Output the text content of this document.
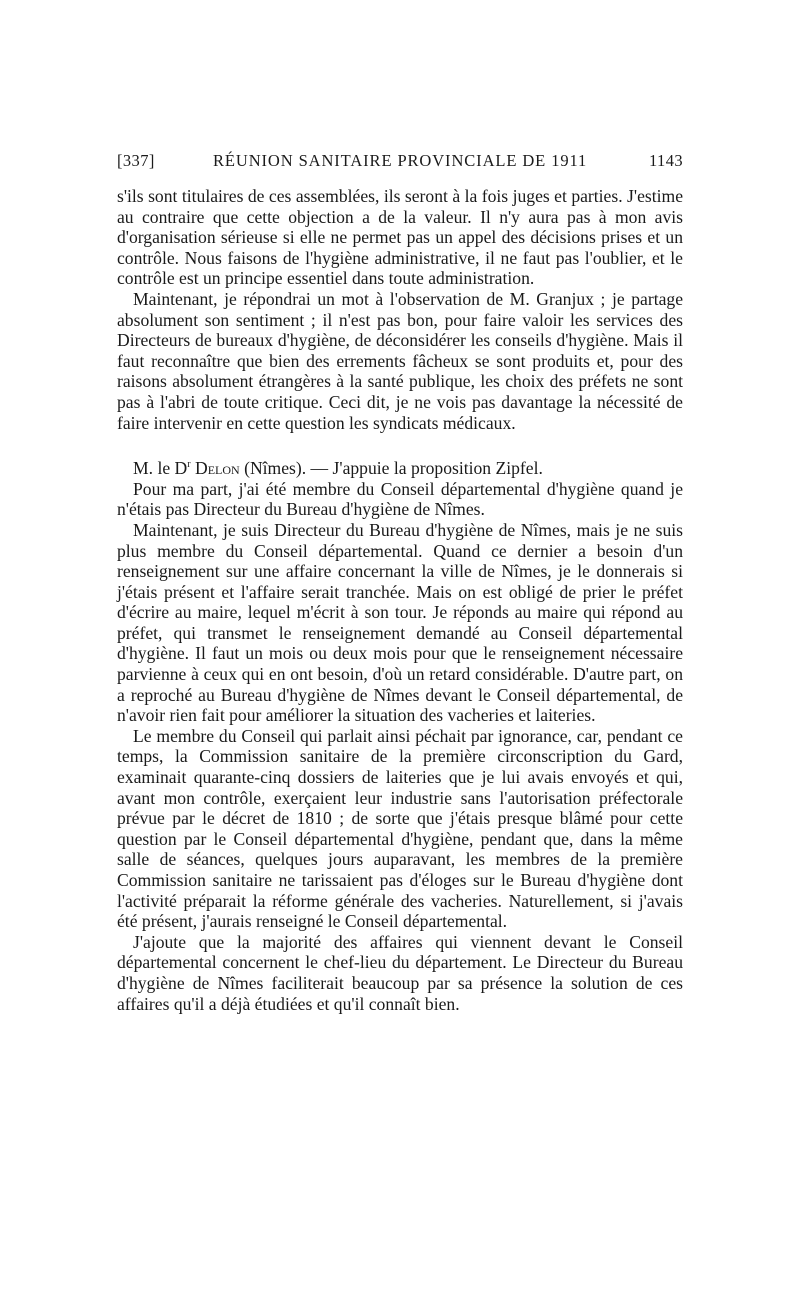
[337]	RÉUNION SANITAIRE PROVINCIALE DE 1911	1143

s'ils sont titulaires de ces assemblées, ils seront à la fois juges et parties. J'estime au contraire que cette objection a de la valeur. Il n'y aura pas à mon avis d'organisation sérieuse si elle ne permet pas un appel des décisions prises et un contrôle. Nous faisons de l'hygiène administrative, il ne faut pas l'oublier, et le contrôle est un principe essentiel dans toute administration.

Maintenant, je répondrai un mot à l'observation de M. Granjux ; je partage absolument son sentiment ; il n'est pas bon, pour faire valoir les services des Directeurs de bureaux d'hygiène, de déconsidérer les conseils d'hygiène. Mais il faut reconnaître que bien des errements fâcheux se sont produits et, pour des raisons absolument étrangères à la santé publique, les choix des préfets ne sont pas à l'abri de toute critique. Ceci dit, je ne vois pas davantage la nécessité de faire intervenir en cette question les syndicats médicaux.

M. le $D^r$ Delon (Nîmes). — J'appuie la proposition Zipfel.

Pour ma part, j'ai été membre du Conseil départemental d'hygiène quand je n'étais pas Directeur du Bureau d'hygiène de Nîmes.

Maintenant, je suis Directeur du Bureau d'hygiène de Nîmes, mais je ne suis plus membre du Conseil départemental. Quand ce dernier a besoin d'un renseignement sur une affaire concernant la ville de Nîmes, je le donnerais si j'étais présent et l'affaire serait tranchée. Mais on est obligé de prier le préfet d'écrire au maire, lequel m'écrit à son tour. Je réponds au maire qui répond au préfet, qui transmet le renseignement demandé au Conseil départemental d'hygiène. Il faut un mois ou deux mois pour que le renseignement nécessaire parvienne à ceux qui en ont besoin, d'où un retard considérable. D'autre part, on a reproché au Bureau d'hygiène de Nîmes devant le Conseil départemental, de n'avoir rien fait pour améliorer la situation des vacheries et laiteries.

Le membre du Conseil qui parlait ainsi péchait par ignorance, car, pendant ce temps, la Commission sanitaire de la première circonscription du Gard, examinait quarante-cinq dossiers de laiteries que je lui avais envoyés et qui, avant mon contrôle, exerçaient leur industrie sans l'autorisation préfectorale prévue par le décret de 1810 ; de sorte que j'étais presque blâmé pour cette question par le Conseil départemental d'hygiène, pendant que, dans la même salle de séances, quelques jours auparavant, les membres de la première Commission sanitaire ne tarissaient pas d'éloges sur le Bureau d'hygiène dont l'activité préparait la réforme générale des vacheries. Naturellement, si j'avais été présent, j'aurais renseigné le Conseil départemental.

J'ajoute que la majorité des affaires qui viennent devant le Conseil départemental concernent le chef-lieu du département. Le Directeur du Bureau d'hygiène de Nîmes faciliterait beaucoup par sa présence la solution de ces affaires qu'il a déjà étudiées et qu'il connaît bien.
